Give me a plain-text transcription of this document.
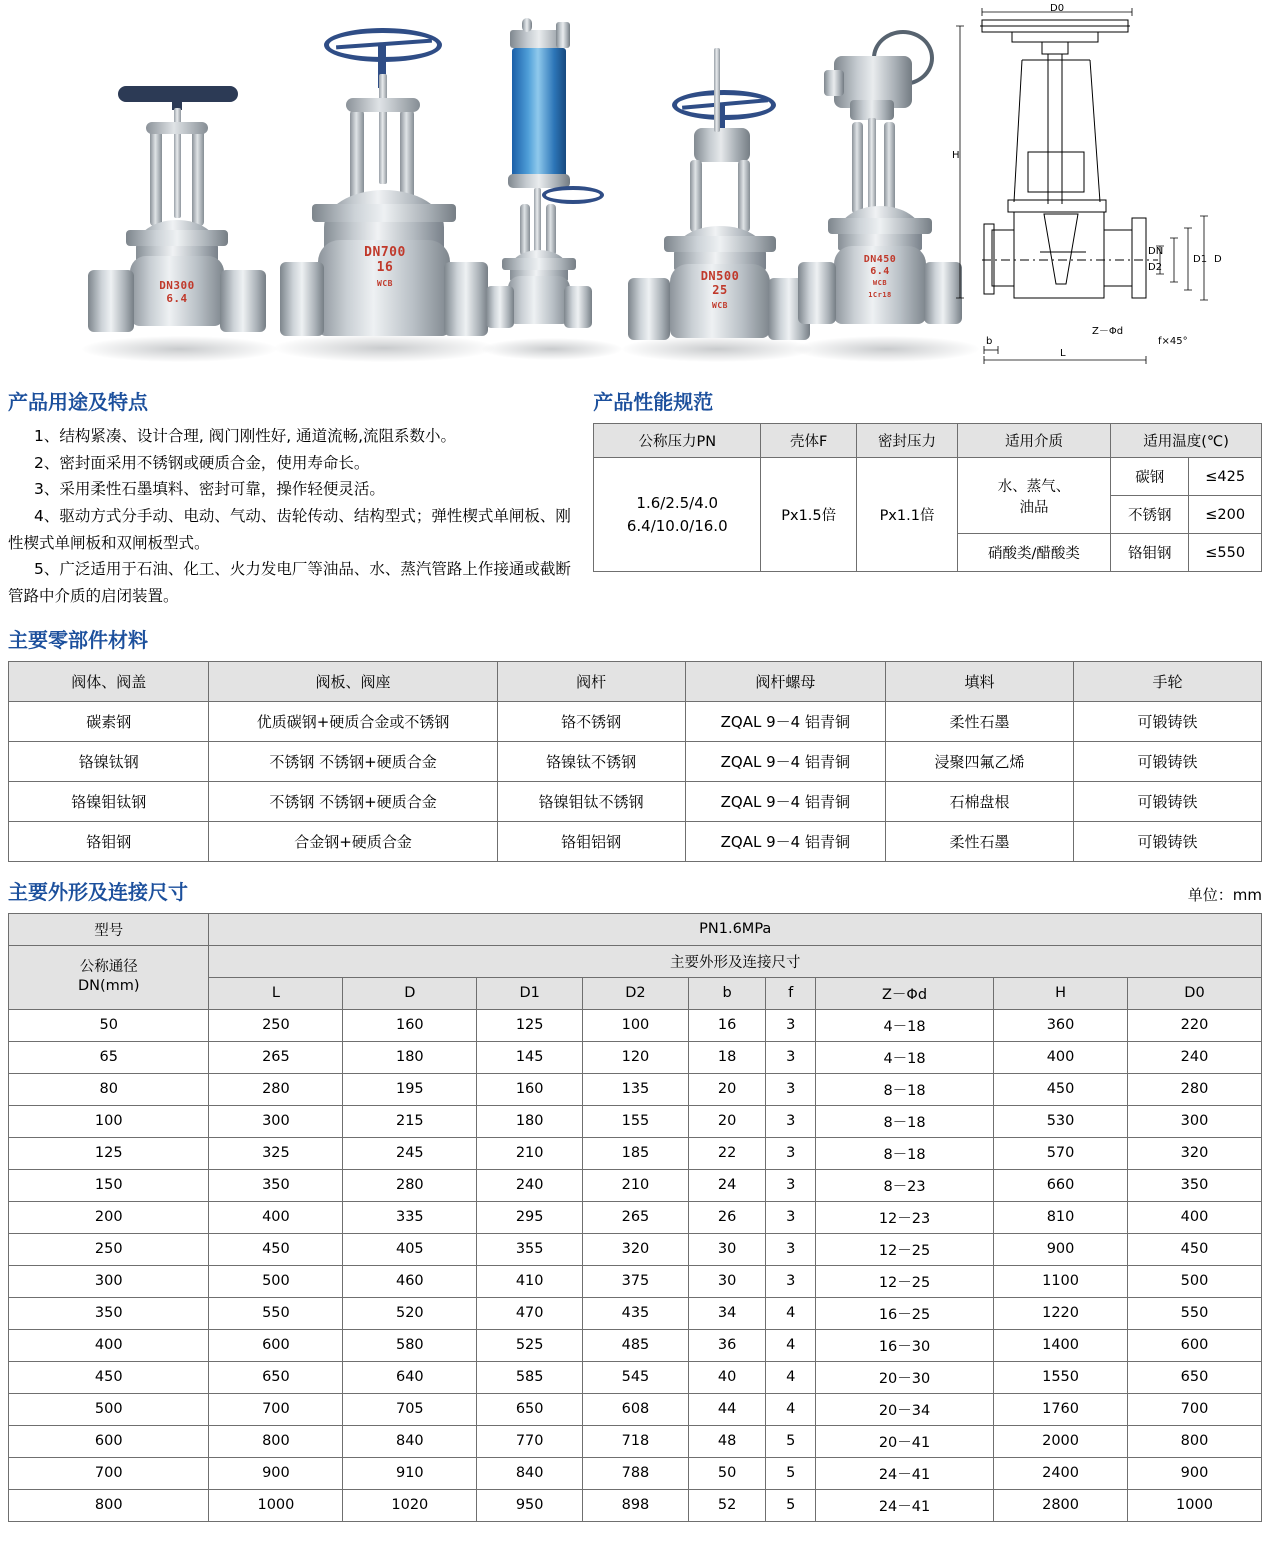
DN300
6.4
DN700
16
WCB
DN500
25
WCB
DN450
6.4
WCB
1Cr18
D0
H
D
D1
DN
D2
b
L
Z－Φd
f×45°
产品用途及特点
1、结构紧凑、设计合理, 阀门刚性好, 通道流畅,流阻系数小。
2、密封面采用不锈钢或硬质合金，使用寿命长。
3、采用柔性石墨填料、密封可靠，操作轻便灵活。
4、驱动方式分手动、电动、气动、齿轮传动、结构型式；弹性楔式单闸板、刚性楔式单闸板和双闸板型式。
5、广泛适用于石油、化工、火力发电厂等油品、水、蒸汽管路上作接通或截断管路中介质的启闭装置。
产品性能规范
公称压力PN	壳体F	密封压力	适用介质	适用温度(℃)	
1.6/2.5/4.0
6.4/10.0/16.0	Px1.5倍	Px1.1倍	水、蒸气、
油品	碳钢	≤425
				不锈钢	≤200
			硝酸类/醋酸类	铬钼钢	≤550
主要零部件材料
阀体、阀盖	阀板、阀座	阀杆	阀杆螺母	填料	手轮
碳素钢	优质碳钢+硬质合金或不锈钢	铬不锈钢	ZQAL 9－4 铝青铜	柔性石墨	可锻铸铁
铬镍钛钢	不锈钢 不锈钢+硬质合金	铬镍钛不锈钢	ZQAL 9－4 铝青铜	浸聚四氟乙烯	可锻铸铁
铬镍钼钛钢	不锈钢 不锈钢+硬质合金	铬镍钼钛不锈钢	ZQAL 9－4 铝青铜	石棉盘根	可锻铸铁
铬钼钢	合金钢+硬质合金	铬钼铝钢	ZQAL 9－4 铝青铜	柔性石墨	可锻铸铁
主要外形及连接尺寸	单位：mm
型号	PN1.6MPa								
公称通径
DN(mm)	主要外形及连接尺寸								
	L	D	D1	D2	b	f	Z－Φd	H	D0
50	250	160	125	100	16	3	4－18	360	220
65	265	180	145	120	18	3	4－18	400	240
80	280	195	160	135	20	3	8－18	450	280
100	300	215	180	155	20	3	8－18	530	300
125	325	245	210	185	22	3	8－18	570	320
150	350	280	240	210	24	3	8－23	660	350
200	400	335	295	265	26	3	12－23	810	400
250	450	405	355	320	30	3	12－25	900	450
300	500	460	410	375	30	3	12－25	1100	500
350	550	520	470	435	34	4	16－25	1220	550
400	600	580	525	485	36	4	16－30	1400	600
450	650	640	585	545	40	4	20－30	1550	650
500	700	705	650	608	44	4	20－34	1760	700
600	800	840	770	718	48	5	20－41	2000	800
700	900	910	840	788	50	5	24－41	2400	900
800	1000	1020	950	898	52	5	24－41	2800	1000
